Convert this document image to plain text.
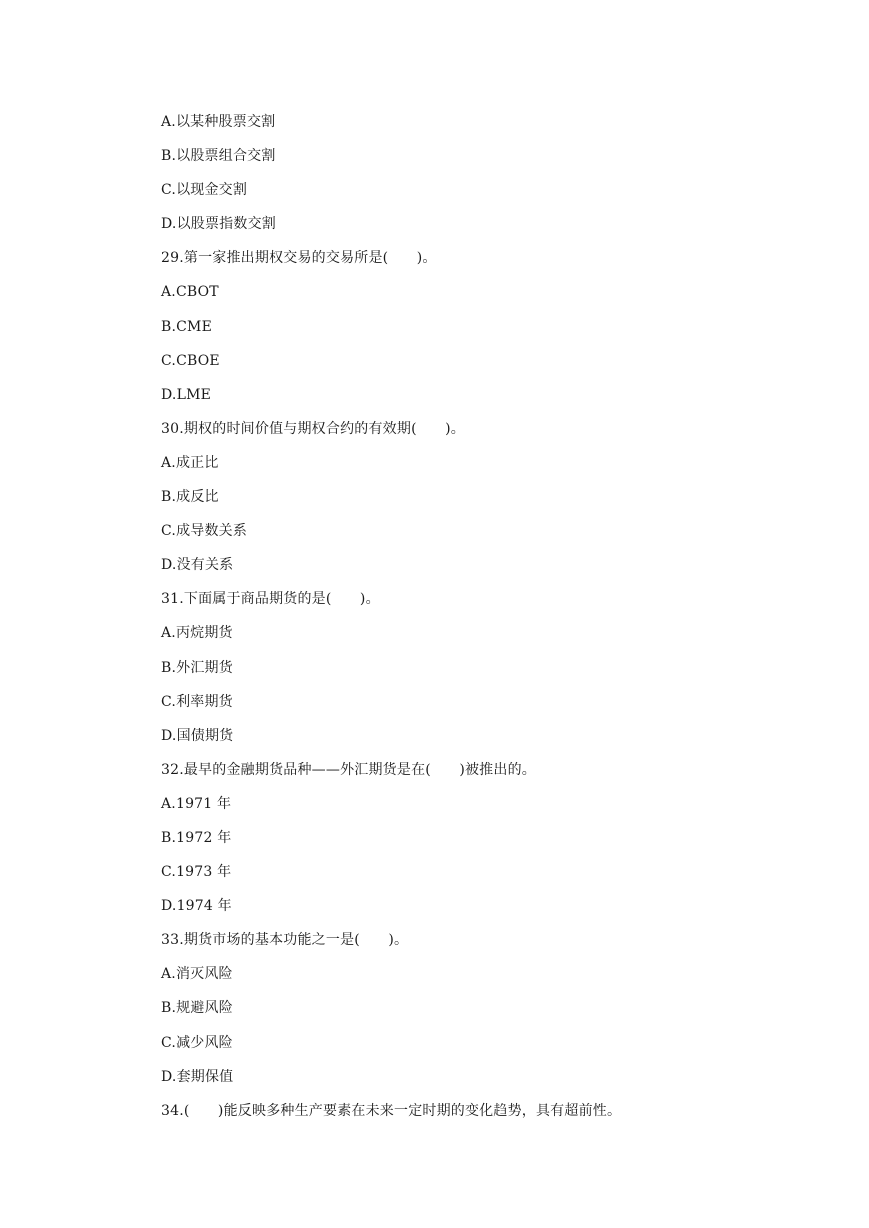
A.以某种股票交割
B.以股票组合交割
C.以现金交割
D.以股票指数交割
29.第一家推出期权交易的交易所是(　　)。
A.CBOT
B.CME
C.CBOE
D.LME
30.期权的时间价值与期权合约的有效期(　　)。
A.成正比
B.成反比
C.成导数关系
D.没有关系
31.下面属于商品期货的是(　　)。
A.丙烷期货
B.外汇期货
C.利率期货
D.国债期货
32.最早的金融期货品种——外汇期货是在(　　)被推出的。
A.1971 年
B.1972 年
C.1973 年
D.1974 年
33.期货市场的基本功能之一是(　　)。
A.消灭风险
B.规避风险
C.减少风险
D.套期保值
34.(　　)能反映多种生产要素在未来一定时期的变化趋势，具有超前性。
